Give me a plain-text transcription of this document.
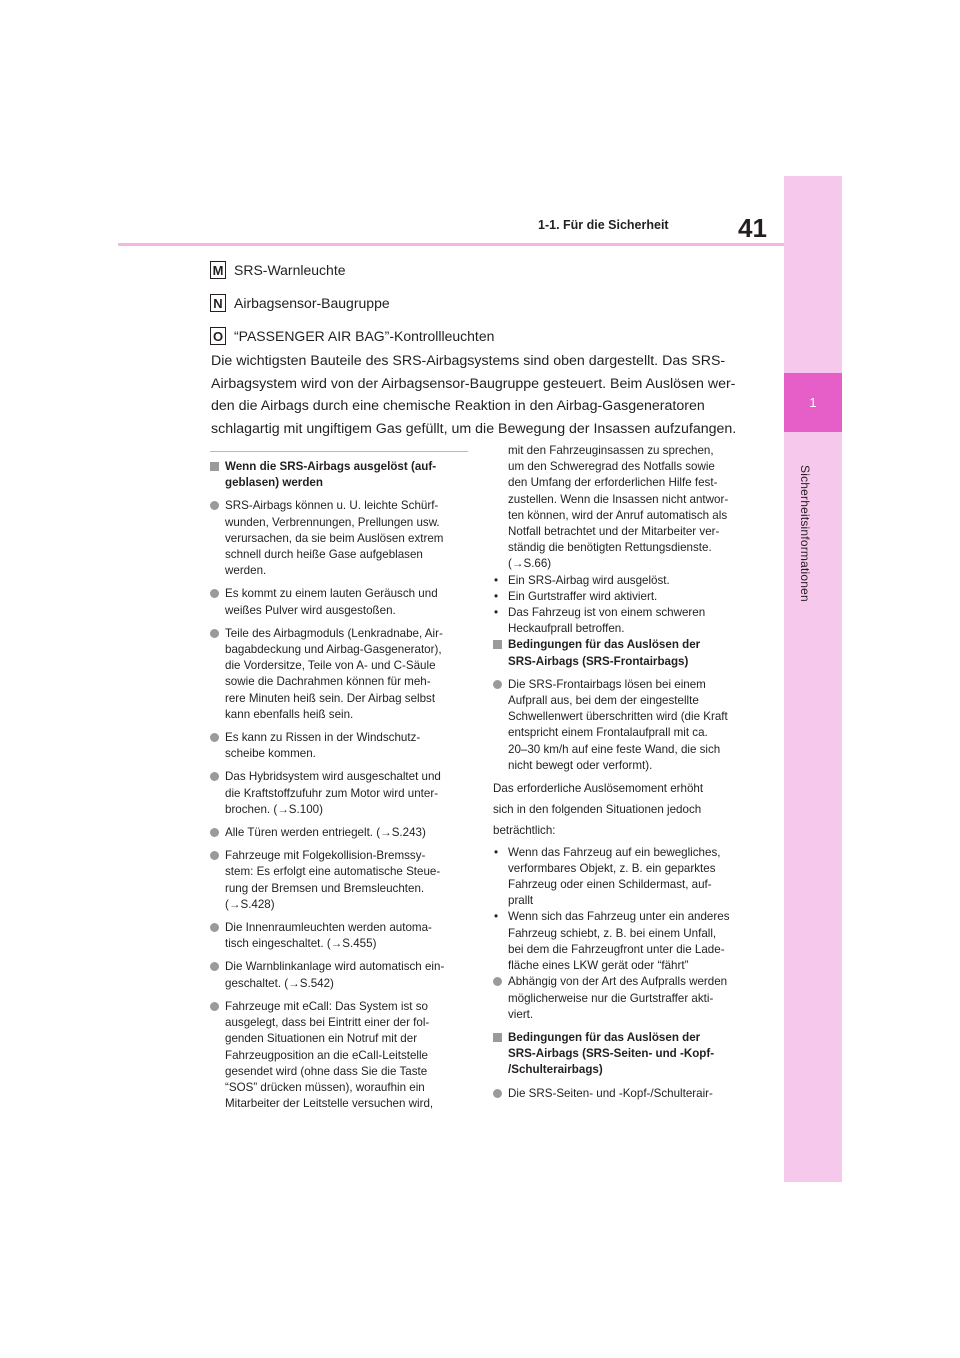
1
Sicherheitsinformationen
1-1. Für die Sicherheit	41
M SRS-Warnleuchte
N Airbagsensor-Baugruppe
O “PASSENGER AIR BAG”-Kontrollleuchten
Die wichtigsten Bauteile des SRS-Airbagsystems sind oben dargestellt. Das SRS-
Airbagsystem wird von der Airbagsensor-Baugruppe gesteuert. Beim Auslösen wer-
den die Airbags durch eine chemische Reaktion in den Airbag-Gasgeneratoren
schlagartig mit ungiftigem Gas gefüllt, um die Bewegung der Insassen aufzufangen.

Wenn die SRS-Airbags ausgelöst (auf-
geblasen) werden

SRS-Airbags können u. U. leichte Schürf-
wunden, Verbrennungen, Prellungen usw.
verursachen, da sie beim Auslösen extrem
schnell durch heiße Gase aufgeblasen
werden.

Es kommt zu einem lauten Geräusch und
weißes Pulver wird ausgestoßen.

Teile des Airbagmoduls (Lenkradnabe, Air-
bagabdeckung und Airbag-Gasgenerator),
die Vordersitze, Teile von A- und C-Säule
sowie die Dachrahmen können für meh-
rere Minuten heiß sein. Der Airbag selbst
kann ebenfalls heiß sein.

Es kann zu Rissen in der Windschutz-
scheibe kommen.

Das Hybridsystem wird ausgeschaltet und
die Kraftstoffzufuhr zum Motor wird unter-
brochen. (→S.100)

Alle Türen werden entriegelt. (→S.243)

Fahrzeuge mit Folgekollision-Bremssy-
stem: Es erfolgt eine automatische Steue-
rung der Bremsen und Bremsleuchten.
(→S.428)

Die Innenraumleuchten werden automa-
tisch eingeschaltet. (→S.455)

Die Warnblinkanlage wird automatisch ein-
geschaltet. (→S.542)

Fahrzeuge mit eCall: Das System ist so
ausgelegt, dass bei Eintritt einer der fol-
genden Situationen ein Notruf mit der
Fahrzeugposition an die eCall-Leitstelle
gesendet wird (ohne dass Sie die Taste
“SOS” drücken müssen), woraufhin ein
Mitarbeiter der Leitstelle versuchen wird,

mit den Fahrzeuginsassen zu sprechen,
um den Schweregrad des Notfalls sowie
den Umfang der erforderlichen Hilfe fest-
zustellen. Wenn die Insassen nicht antwor-
ten können, wird der Anruf automatisch als
Notfall betrachtet und der Mitarbeiter ver-
ständig die benötigten Rettungsdienste.
(→S.66)

• Ein SRS-Airbag wird ausgelöst.

• Ein Gurtstraffer wird aktiviert.

• Das Fahrzeug ist von einem schweren
Heckaufprall betroffen.

Bedingungen für das Auslösen der
SRS-Airbags (SRS-Frontairbags)

Die SRS-Frontairbags lösen bei einem
Aufprall aus, bei dem der eingestellte
Schwellenwert überschritten wird (die Kraft
entspricht einem Frontalaufprall mit ca.
20–30 km/h auf eine feste Wand, die sich
nicht bewegt oder verformt).

Das erforderliche Auslösemoment erhöht

sich in den folgenden Situationen jedoch

beträchtlich:

• Wenn das Fahrzeug auf ein bewegliches,
verformbares Objekt, z. B. ein geparktes
Fahrzeug oder einen Schildermast, auf-
prallt

• Wenn sich das Fahrzeug unter ein anderes
Fahrzeug schiebt, z. B. bei einem Unfall,
bei dem die Fahrzeugfront unter die Lade-
fläche eines LKW gerät oder “fährt”

Abhängig von der Art des Aufpralls werden
möglicherweise nur die Gurtstraffer akti-
viert.

Bedingungen für das Auslösen der
SRS-Airbags (SRS-Seiten- und -Kopf-
/Schulterairbags)

Die SRS-Seiten- und -Kopf-/Schulterair-
